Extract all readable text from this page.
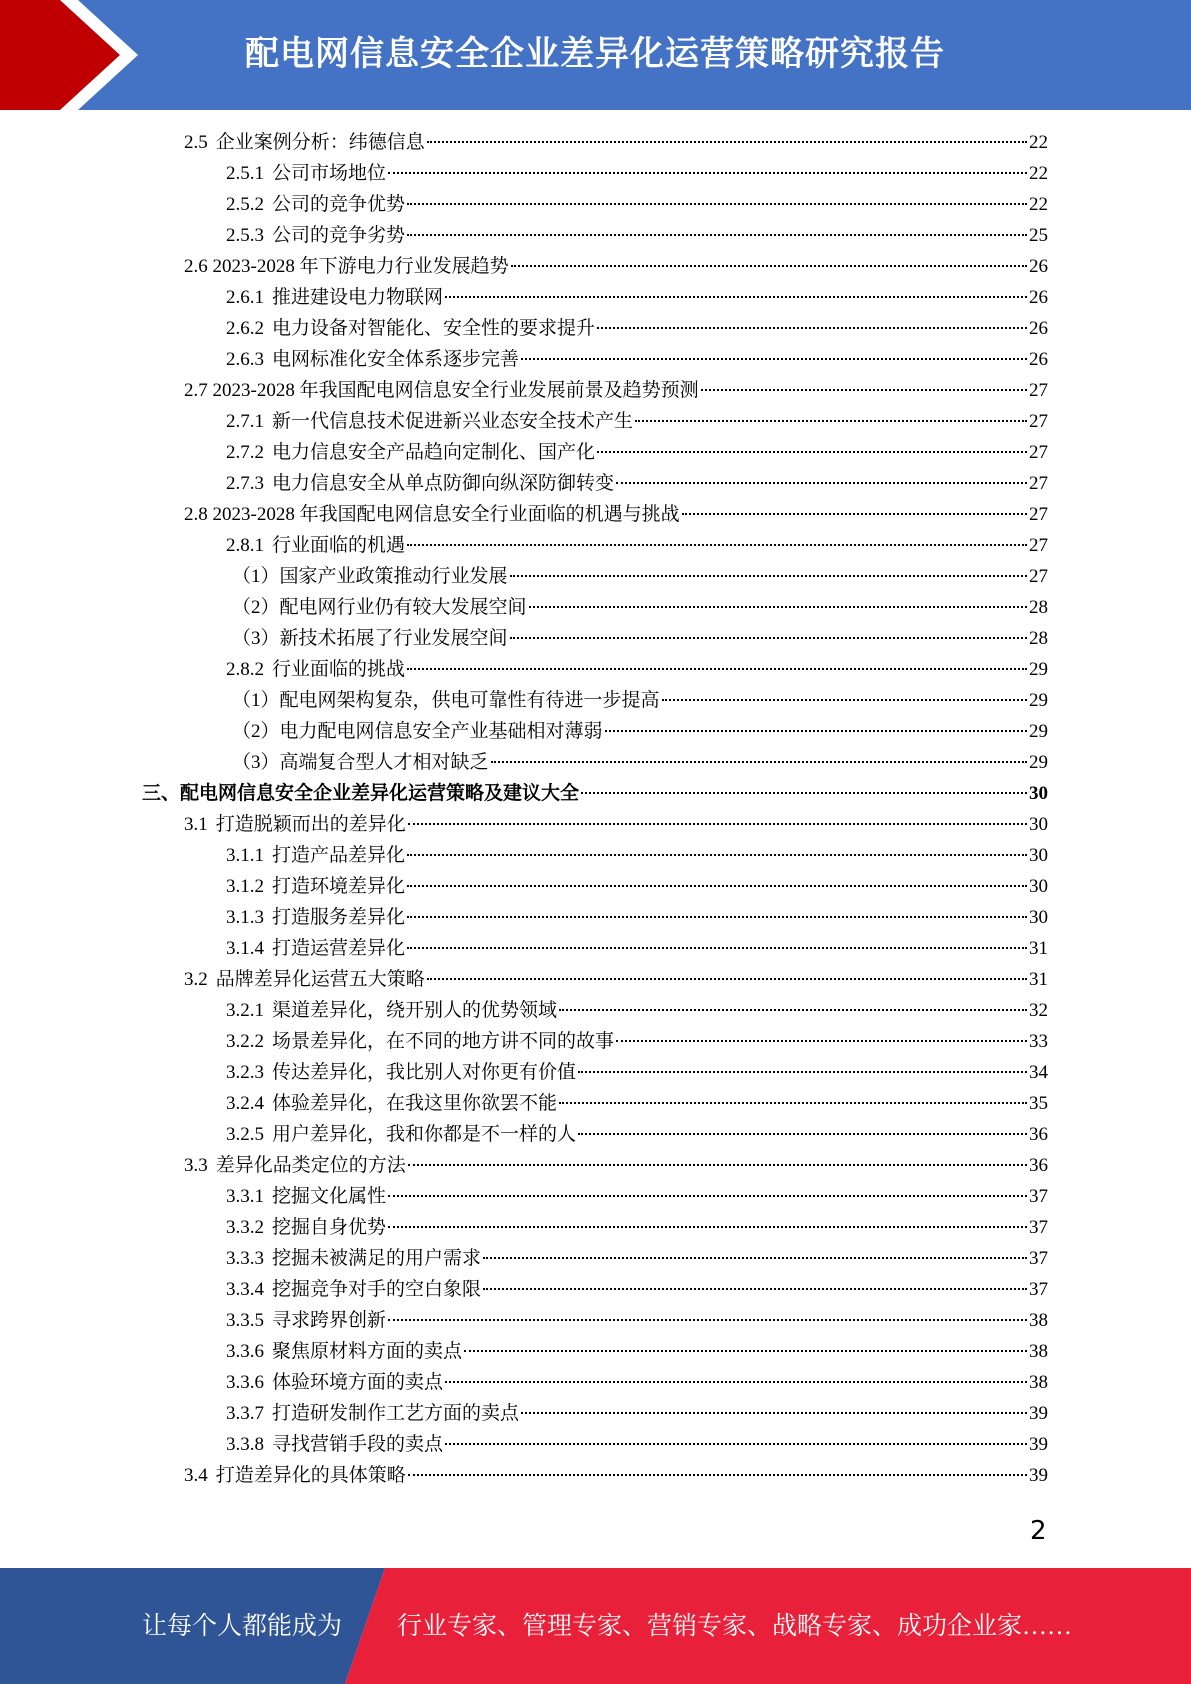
配电网信息安全企业差异化运营策略研究报告
2.5 企业案例分析：纬德信息	22
2.5.1 公司市场地位	22
2.5.2 公司的竞争优势	22
2.5.3 公司的竞争劣势	25
2.6 2023-2028 年下游电力行业发展趋势	26
2.6.1 推进建设电力物联网	26
2.6.2 电力设备对智能化、安全性的要求提升	26
2.6.3 电网标准化安全体系逐步完善	26
2.7 2023-2028 年我国配电网信息安全行业发展前景及趋势预测	27
2.7.1 新一代信息技术促进新兴业态安全技术产生	27
2.7.2 电力信息安全产品趋向定制化、国产化	27
2.7.3 电力信息安全从单点防御向纵深防御转变	27
2.8 2023-2028 年我国配电网信息安全行业面临的机遇与挑战	27
2.8.1 行业面临的机遇	27
（1）国家产业政策推动行业发展	27
（2）配电网行业仍有较大发展空间	28
（3）新技术拓展了行业发展空间	28
2.8.2 行业面临的挑战	29
（1）配电网架构复杂，供电可靠性有待进一步提高	29
（2）电力配电网信息安全产业基础相对薄弱	29
（3）高端复合型人才相对缺乏	29
三、配电网信息安全企业差异化运营策略及建议大全	30
3.1 打造脱颖而出的差异化	30
3.1.1 打造产品差异化	30
3.1.2 打造环境差异化	30
3.1.3 打造服务差异化	30
3.1.4 打造运营差异化	31
3.2 品牌差异化运营五大策略	31
3.2.1 渠道差异化，绕开别人的优势领域	32
3.2.2 场景差异化，在不同的地方讲不同的故事	33
3.2.3 传达差异化，我比别人对你更有价值	34
3.2.4 体验差异化，在我这里你欲罢不能	35
3.2.5 用户差异化，我和你都是不一样的人	36
3.3 差异化品类定位的方法	36
3.3.1 挖掘文化属性	37
3.3.2 挖掘自身优势	37
3.3.3 挖掘未被满足的用户需求	37
3.3.4 挖掘竞争对手的空白象限	37
3.3.5 寻求跨界创新	38
3.3.6 聚焦原材料方面的卖点	38
3.3.6 体验环境方面的卖点	38
3.3.7 打造研发制作工艺方面的卖点	39
3.3.8 寻找营销手段的卖点	39
3.4 打造差异化的具体策略	39
2
让每个人都能成为 行业专家、管理专家、营销专家、战略专家、成功企业家……
